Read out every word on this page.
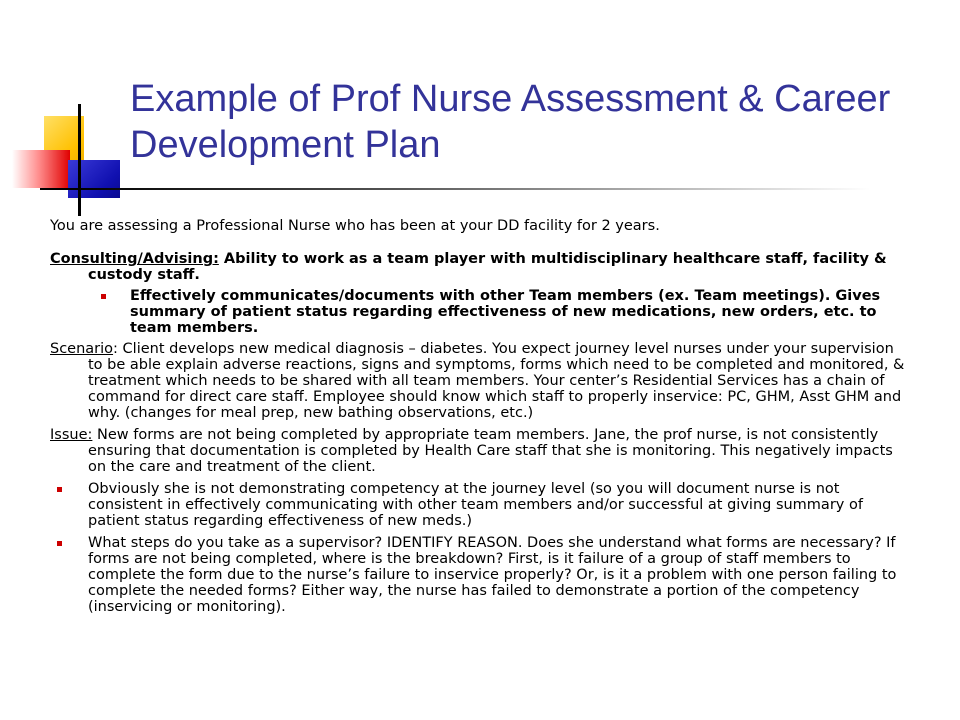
Example of Prof Nurse Assessment & Career Development Plan

You are assessing a Professional Nurse who has been at your DD facility for 2 years.

Consulting/Advising: Ability to work as a team player with multidisciplinary healthcare staff, facility & custody staff.

Effectively communicates/documents with other Team members (ex. Team meetings). Gives summary of patient status regarding effectiveness of new medications, new orders, etc. to team members.

Scenario: Client develops new medical diagnosis – diabetes. You expect journey level nurses under your supervision to be able explain adverse reactions, signs and symptoms, forms which need to be completed and monitored, & treatment which needs to be shared with all team members. Your center’s Residential Services has a chain of command for direct care staff. Employee should know which staff to properly inservice: PC, GHM, Asst GHM and why. (changes for meal prep, new bathing observations, etc.)

Issue: New forms are not being completed by appropriate team members. Jane, the prof nurse, is not consistently ensuring that documentation is completed by Health Care staff that she is monitoring. This negatively impacts on the care and treatment of the client.

Obviously she is not demonstrating competency at the journey level (so you will document nurse is not consistent in effectively communicating with other team members and/or successful at giving summary of patient status regarding effectiveness of new meds.)

What steps do you take as a supervisor? IDENTIFY REASON. Does she understand what forms are necessary? If forms are not being completed, where is the breakdown? First, is it failure of a group of staff members to complete the form due to the nurse’s failure to inservice properly? Or, is it a problem with one person failing to complete the needed forms? Either way, the nurse has failed to demonstrate a portion of the competency (inservicing or monitoring).
